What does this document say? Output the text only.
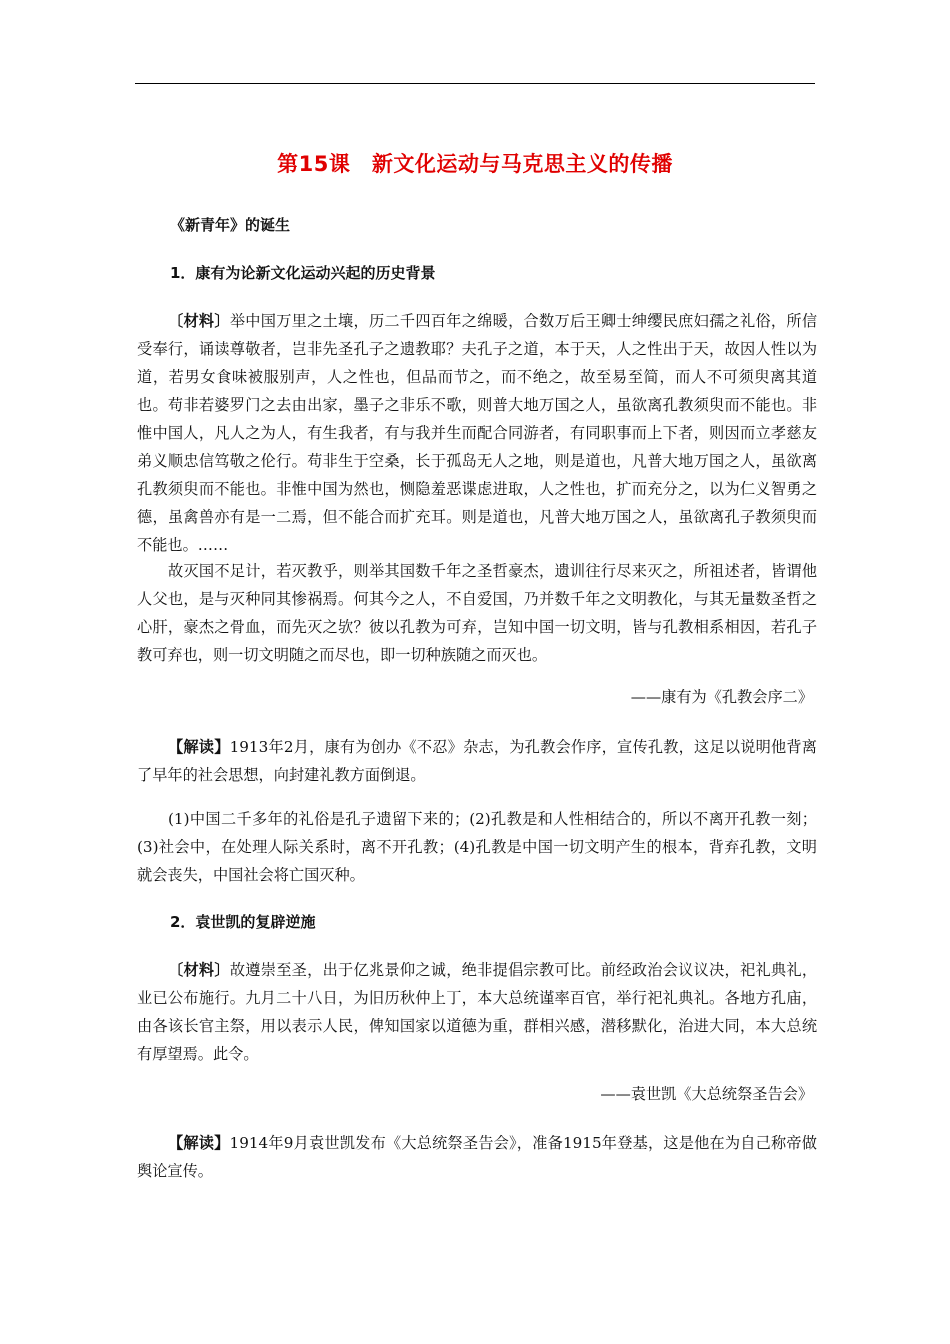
第15课　新文化运动与马克思主义的传播
《新青年》的诞生
1．康有为论新文化运动兴起的历史背景
〔材料〕举中国万里之土壤，历二千四百年之绵暖，合数万后王卿士绅缨民庶妇孺之礼俗，所信受奉行，诵读尊敬者，岂非先圣孔子之遗教耶？夫孔子之道，本于天，人之性出于天，故因人性以为道，若男女食味被服别声，人之性也，但品而节之，而不绝之，故至易至简，而人不可须臾离其道也。苟非若婆罗门之去由出家，墨子之非乐不歌，则普大地万国之人，虽欲离孔教须臾而不能也。非惟中国人，凡人之为人，有生我者，有与我并生而配合同游者，有同职事而上下者，则因而立孝慈友弟义顺忠信笃敬之伦行。苟非生于空桑，长于孤岛无人之地，则是道也，凡普大地万国之人，虽欲离孔教须臾而不能也。非惟中国为然也，恻隐羞恶谍虑进取，人之性也，扩而充分之，以为仁义智勇之德，虽禽兽亦有是一二焉，但不能合而扩充耳。则是道也，凡普大地万国之人，虽欲离孔子教须臾而不能也。……
故灭国不足计，若灭教乎，则举其国数千年之圣哲豪杰，遗训往行尽来灭之，所祖述者，皆谓他人父也，是与灭种同其惨祸焉。何其今之人，不自爱国，乃并数千年之文明教化，与其无量数圣哲之心肝，豪杰之骨血，而先灭之欤？彼以孔教为可弃，岂知中国一切文明，皆与孔教相系相因，若孔子教可弃也，则一切文明随之而尽也，即一切种族随之而灭也。
——康有为《孔教会序二》
【解读】1913年2月，康有为创办《不忍》杂志，为孔教会作序，宣传孔教，这足以说明他背离了早年的社会思想，向封建礼教方面倒退。
(1)中国二千多年的礼俗是孔子遗留下来的；(2)孔教是和人性相结合的，所以不离开孔教一刻；(3)社会中，在处理人际关系时，离不开孔教；(4)孔教是中国一切文明产生的根本，背弃孔教，文明就会丧失，中国社会将亡国灭种。
2．袁世凯的复辟逆施
〔材料〕故遵崇至圣，出于亿兆景仰之诚，绝非提倡宗教可比。前经政治会议议决，祀礼典礼，业已公布施行。九月二十八日，为旧历秋仲上丁，本大总统谨率百官，举行祀礼典礼。各地方孔庙，由各该长官主祭，用以表示人民，俾知国家以道德为重，群相兴感，潜移默化，治进大同，本大总统有厚望焉。此令。
——袁世凯《大总统祭圣告会》
【解读】1914年9月袁世凯发布《大总统祭圣告会》，准备1915年登基，这是他在为自己称帝做舆论宣传。
